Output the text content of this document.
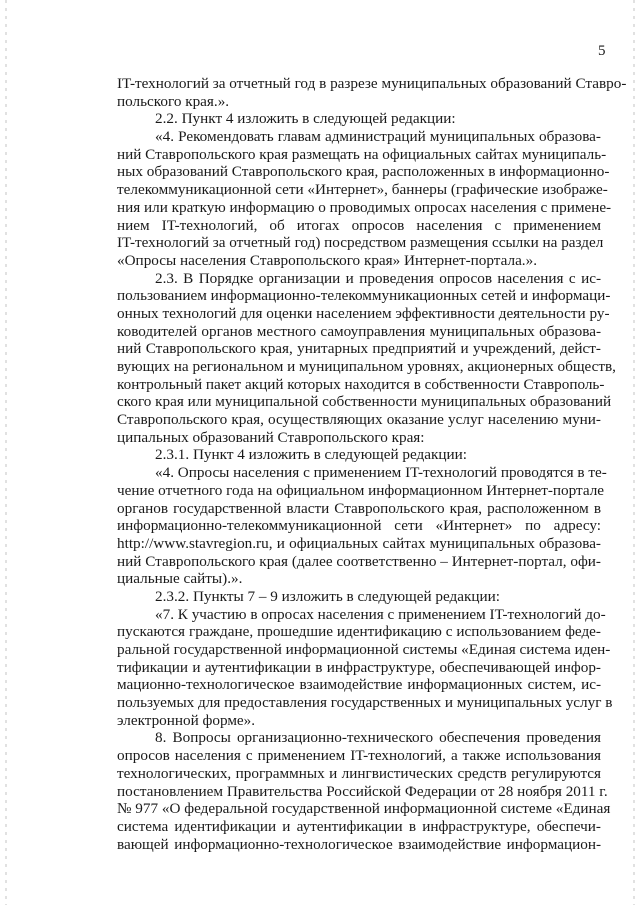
5
IT-технологий за отчетный год в разрезе муниципальных образований Ставро-
польского края.».
2.2. Пункт 4 изложить в следующей редакции:
«4. Рекомендовать главам администраций муниципальных образова-
ний Ставропольского края размещать на официальных сайтах муниципаль-
ных образований Ставропольского края, расположенных в информационно-
телекоммуникационной сети «Интернет», баннеры (графические изображе-
ния или краткую информацию о проводимых опросах населения с примене-
нием IT-технологий, об итогах опросов населения с применением
IT-технологий за отчетный год) посредством размещения ссылки на раздел
«Опросы населения Ставропольского края» Интернет-портала.».
2.3. В Порядке организации и проведения опросов населения с ис-
пользованием информационно-телекоммуникационных сетей и информаци-
онных технологий для оценки населением эффективности деятельности ру-
ководителей органов местного самоуправления муниципальных образова-
ний Ставропольского края, унитарных предприятий и учреждений, дейст-
вующих на региональном и муниципальном уровнях, акционерных обществ,
контрольный пакет акций которых находится в собственности Ставрополь-
ского края или муниципальной собственности муниципальных образований
Ставропольского края, осуществляющих оказание услуг населению муни-
ципальных образований Ставропольского края:
2.3.1. Пункт 4 изложить в следующей редакции:
«4. Опросы населения с применением IT-технологий проводятся в те-
чение отчетного года на официальном информационном Интернет-портале
органов государственной власти Ставропольского края, расположенном в
информационно-телекоммуникационной сети «Интернет» по адресу:
http://www.stavregion.ru, и официальных сайтах муниципальных образова-
ний Ставропольского края (далее соответственно – Интернет-портал, офи-
циальные сайты).».
2.3.2. Пункты 7 – 9 изложить в следующей редакции:
«7. К участию в опросах населения с применением IT-технологий до-
пускаются граждане, прошедшие идентификацию с использованием феде-
ральной государственной информационной системы «Единая система иден-
тификации и аутентификации в инфраструктуре, обеспечивающей инфор-
мационно-технологическое взаимодействие информационных систем, ис-
пользуемых для предоставления государственных и муниципальных услуг в
электронной форме».
8. Вопросы организационно-технического обеспечения проведения
опросов населения с применением IT-технологий, а также использования
технологических, программных и лингвистических средств регулируются
постановлением Правительства Российской Федерации от 28 ноября 2011 г.
№ 977 «О федеральной государственной информационной системе «Единая
система идентификации и аутентификации в инфраструктуре, обеспечи-
вающей информационно-технологическое взаимодействие информацион-
